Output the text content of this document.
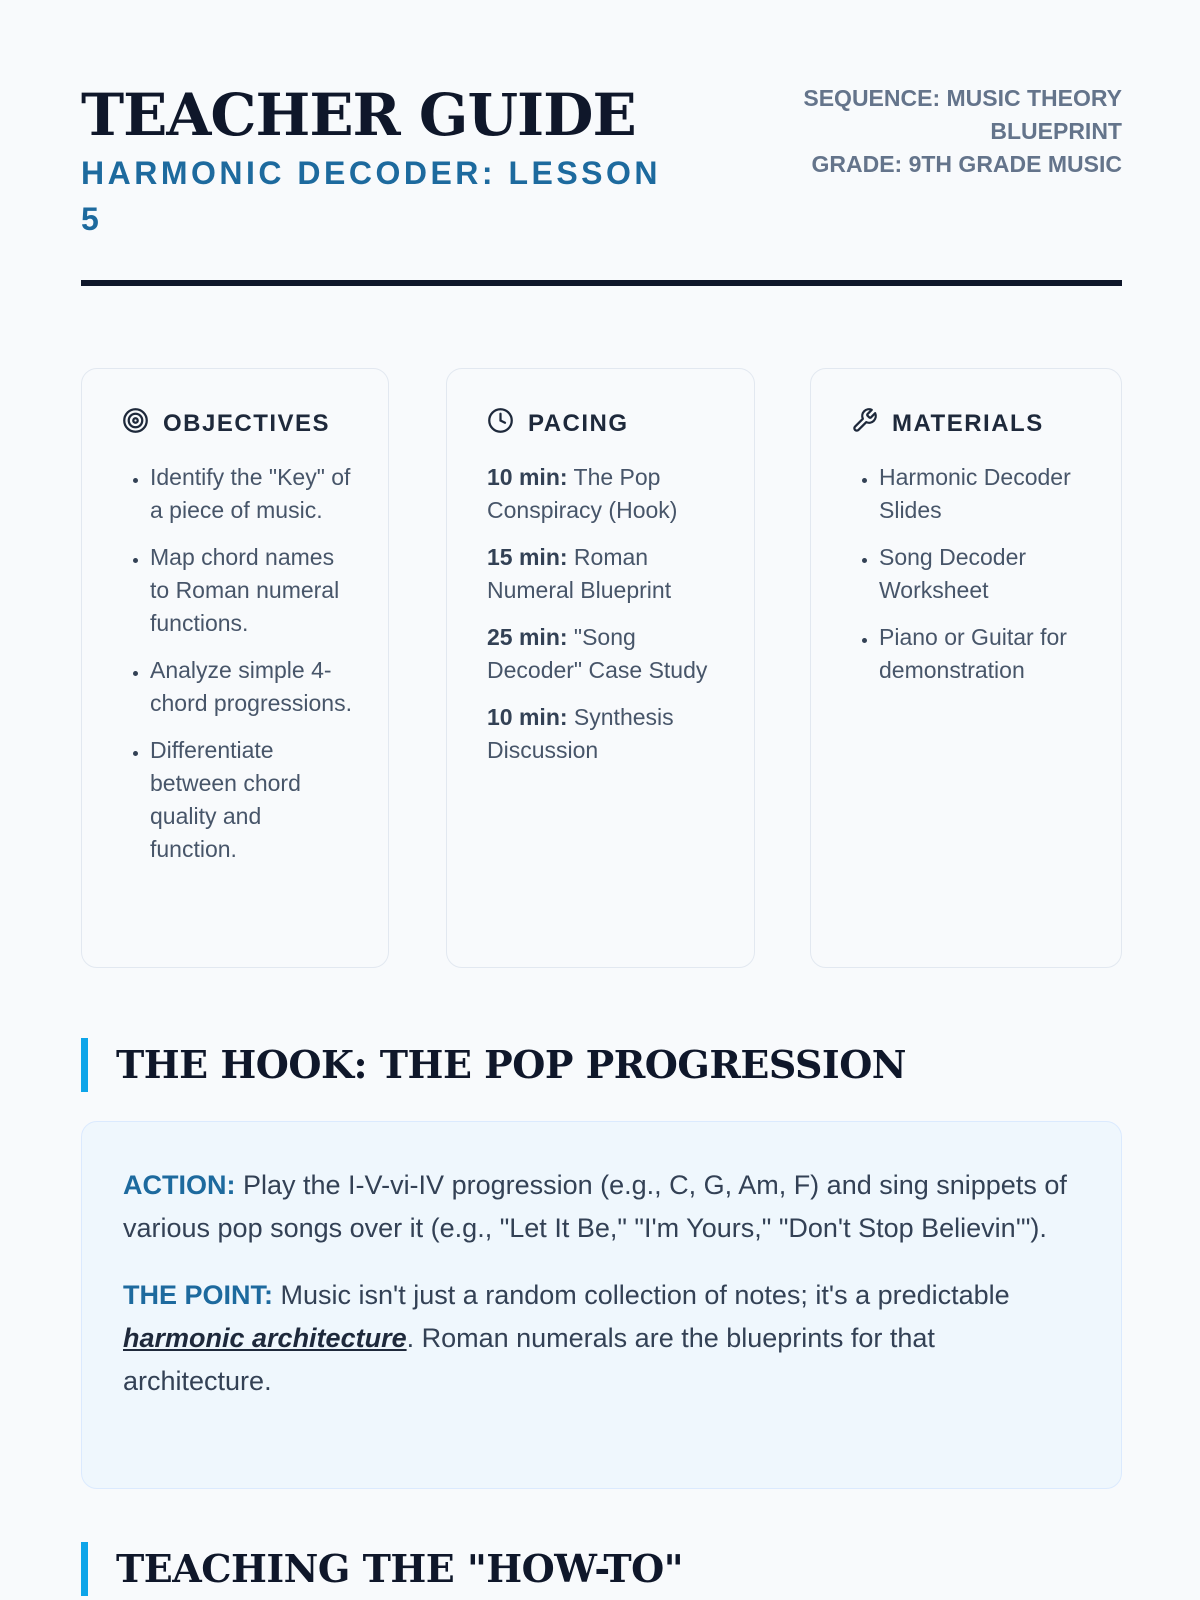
TEACHER GUIDE
HARMONIC DECODER: LESSON 5
SEQUENCE: MUSIC THEORY BLUEPRINT
GRADE: 9TH GRADE MUSIC
OBJECTIVES
• Identify the "Key" of a piece of music.
• Map chord names to Roman numeral functions.
• Analyze simple 4-chord progressions.
• Differentiate between chord quality and function.
PACING

10 min: The Pop Conspiracy (Hook)

15 min: Roman Numeral Blueprint

25 min: "Song Decoder" Case Study

10 min: Synthesis Discussion

MATERIALS
• Harmonic Decoder Slides
• Song Decoder Worksheet
• Piano or Guitar for demonstration
THE HOOK: THE POP PROGRESSION

ACTION: Play the I-V-vi-IV progression (e.g., C, G, Am, F) and sing snippets of various pop songs over it (e.g., "Let It Be," "I'm Yours," "Don't Stop Believin'").

THE POINT: Music isn't just a random collection of notes; it's a predictable harmonic architecture. Roman numerals are the blueprints for that architecture.

TEACHING THE "HOW-TO"
